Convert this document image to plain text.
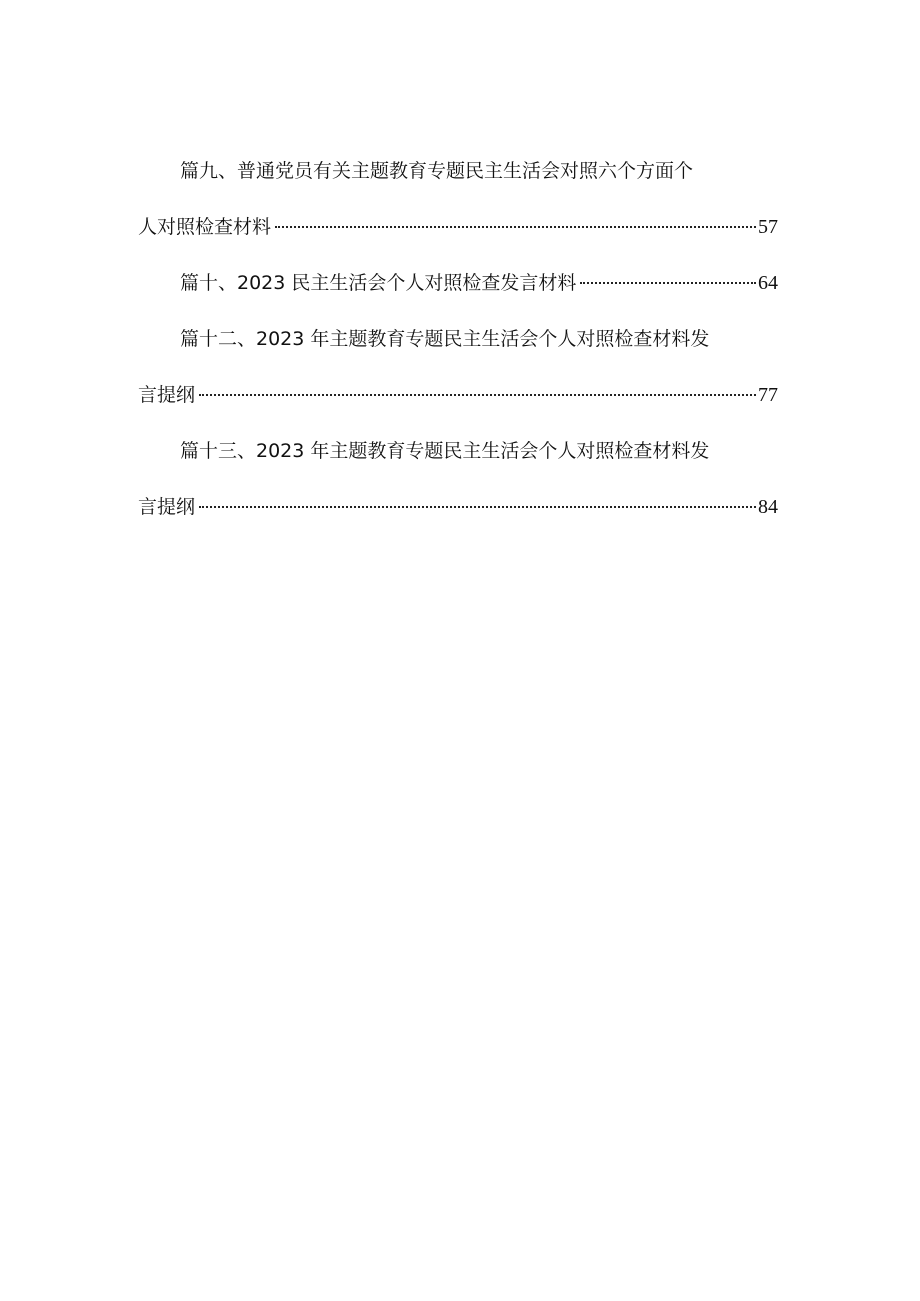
篇九、普通党员有关主题教育专题民主生活会对照六个方面个
人对照检查材料	57
篇十、2023 民主生活会个人对照检查发言材料	64
篇十二、2023 年主题教育专题民主生活会个人对照检查材料发
言提纲	77
篇十三、2023 年主题教育专题民主生活会个人对照检查材料发
言提纲	84
